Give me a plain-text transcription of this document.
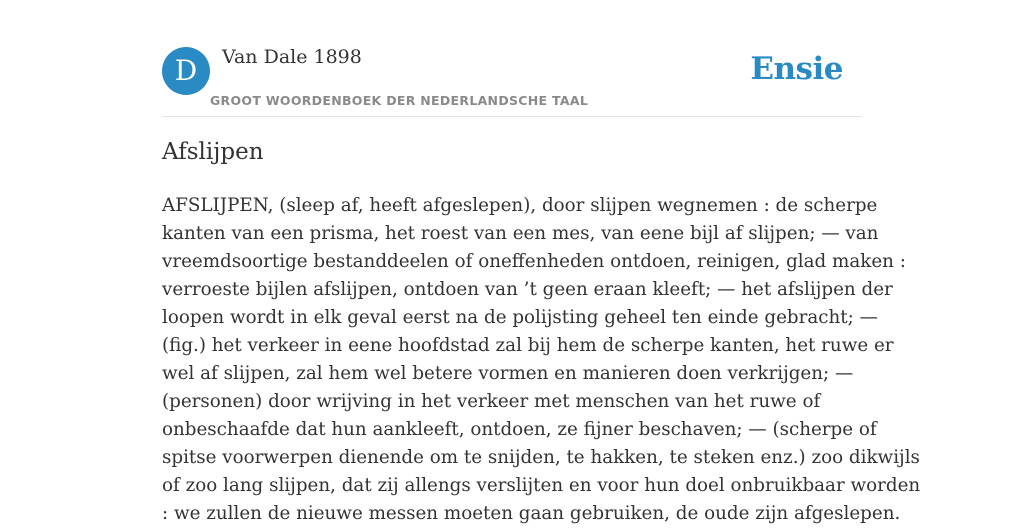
D	Van Dale 1898
GROOT WOORDENBOEK DER NEDERLANDSCHE TAAL
Ensie
Afslijpen
AFSLIJPEN, (sleep af, heeft afgeslepen), door slijpen wegnemen : de scherpe
kanten van een prisma, het roest van een mes, van eene bijl af slijpen; — van
vreemdsoortige bestanddeelen of oneffenheden ontdoen, reinigen, glad maken :
verroeste bijlen afslijpen, ontdoen van ’t geen eraan kleeft; — het afslijpen der
loopen wordt in elk geval eerst na de polijsting geheel ten einde gebracht; —
(fig.) het verkeer in eene hoofdstad zal bij hem de scherpe kanten, het ruwe er
wel af slijpen, zal hem wel betere vormen en manieren doen verkrijgen; —
(personen) door wrijving in het verkeer met menschen van het ruwe of
onbeschaafde dat hun aankleeft, ontdoen, ze fijner beschaven; — (scherpe of
spitse voorwerpen dienende om te snijden, te hakken, te steken enz.) zoo dikwijls
of zoo lang slijpen, dat zij allengs verslijten en voor hun doel onbruikbaar worden
: we zullen de nieuwe messen moeten gaan gebruiken, de oude zijn afgeslepen.
